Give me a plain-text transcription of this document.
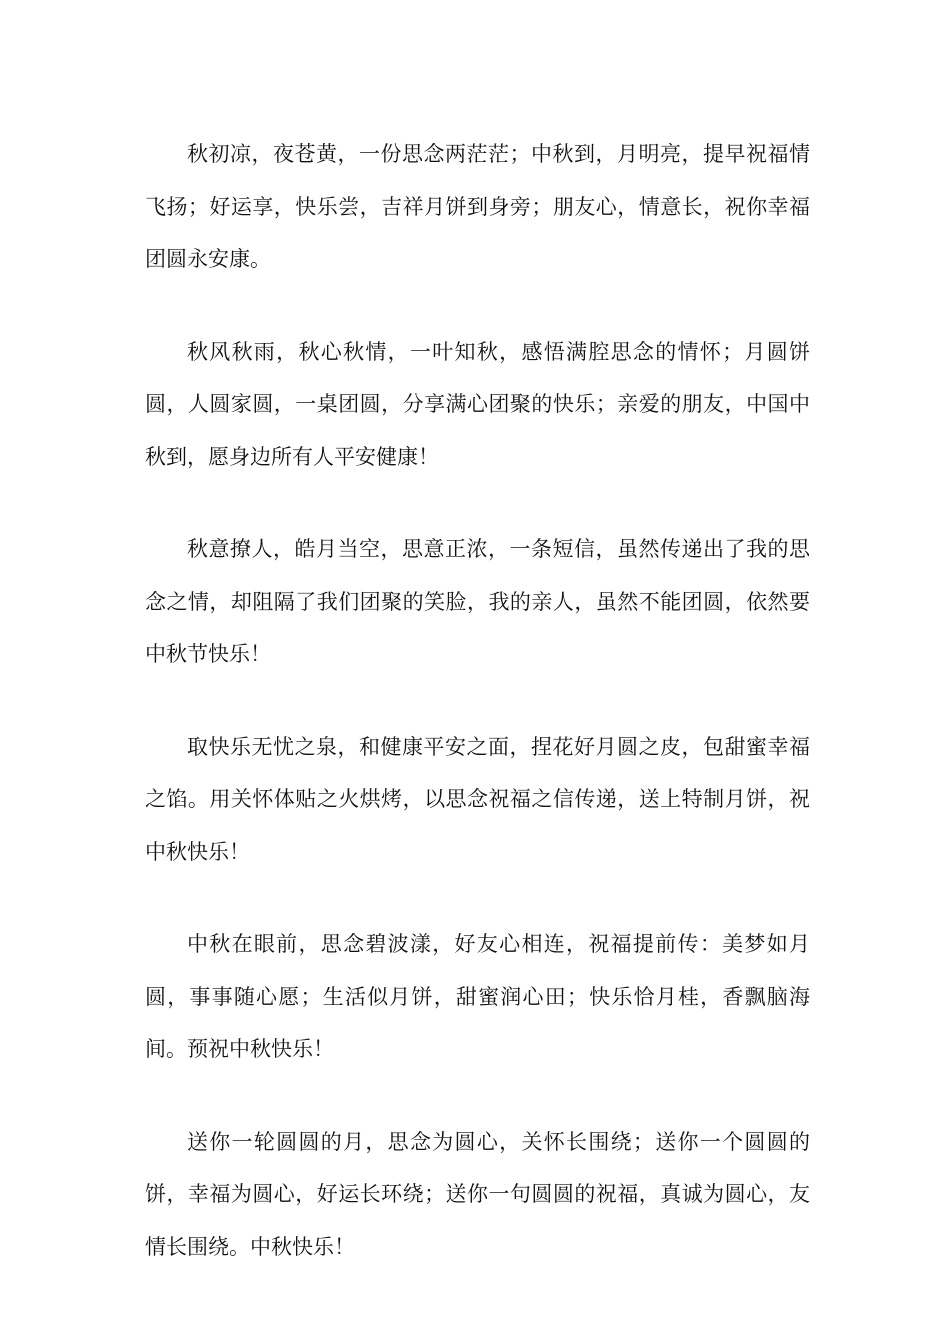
秋初凉，夜苍黄，一份思念两茫茫；中秋到，月明亮，提早祝福情飞扬；好运享，快乐尝，吉祥月饼到身旁；朋友心，情意长，祝你幸福团圆永安康。

秋风秋雨，秋心秋情，一叶知秋，感悟满腔思念的情怀；月圆饼圆，人圆家圆，一桌团圆，分享满心团聚的快乐；亲爱的朋友，中国中秋到，愿身边所有人平安健康！

秋意撩人，皓月当空，思意正浓，一条短信，虽然传递出了我的思念之情，却阻隔了我们团聚的笑脸，我的亲人，虽然不能团圆，依然要中秋节快乐！

取快乐无忧之泉，和健康平安之面，捏花好月圆之皮，包甜蜜幸福之馅。用关怀体贴之火烘烤，以思念祝福之信传递，送上特制月饼，祝中秋快乐！

中秋在眼前，思念碧波漾，好友心相连，祝福提前传：美梦如月圆，事事随心愿；生活似月饼，甜蜜润心田；快乐恰月桂，香飘脑海间。预祝中秋快乐！

送你一轮圆圆的月，思念为圆心，关怀长围绕；送你一个圆圆的饼，幸福为圆心，好运长环绕；送你一句圆圆的祝福，真诚为圆心，友情长围绕。中秋快乐！
